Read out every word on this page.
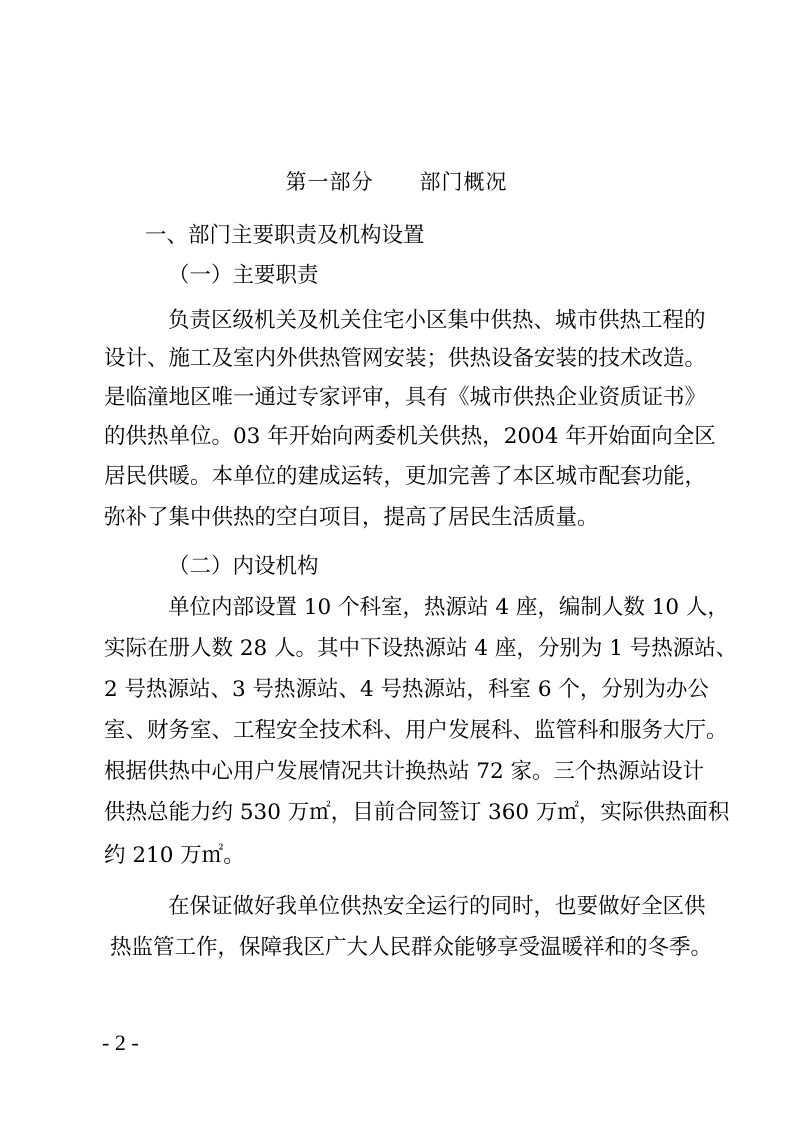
第一部分      部门概况
一、部门主要职责及机构设置
（一）主要职责
负责区级机关及机关住宅小区集中供热、城市供热工程的
设计、施工及室内外供热管网安装；供热设备安装的技术改造。
是临潼地区唯一通过专家评审，具有《城市供热企业资质证书》
的供热单位。03 年开始向两委机关供热，2004 年开始面向全区
居民供暖。本单位的建成运转，更加完善了本区城市配套功能，
弥补了集中供热的空白项目，提高了居民生活质量。
（二）内设机构
单位内部设置 10 个科室，热源站 4 座，编制人数 10 人，
实际在册人数 28 人。其中下设热源站 4 座，分别为 1 号热源站、
2 号热源站、3 号热源站、4 号热源站，科室 6 个，分别为办公
室、财务室、工程安全技术科、用户发展科、监管科和服务大厅。
根据供热中心用户发展情况共计换热站 72 家。三个热源站设计
供热总能力约 530 万㎡，目前合同签订 360 万㎡，实际供热面积
约 210 万㎡。
在保证做好我单位供热安全运行的同时，也要做好全区供
热监管工作，保障我区广大人民群众能够享受温暖祥和的冬季。
- 2 -
